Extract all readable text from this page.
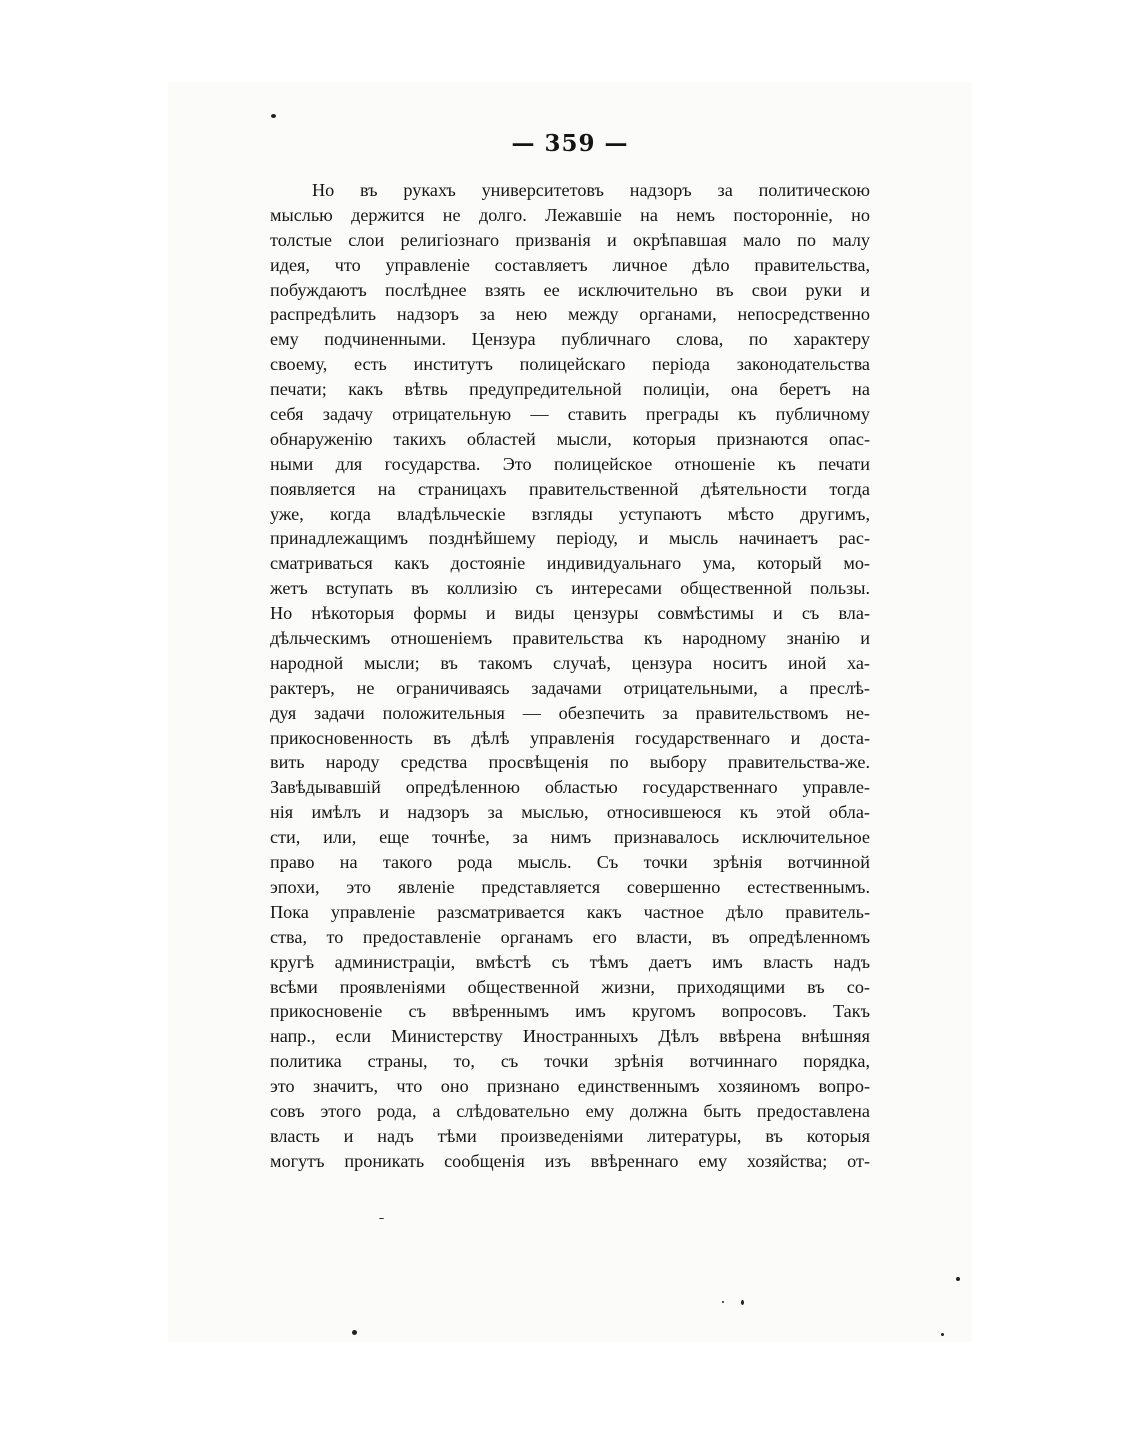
— 359 —
Но въ рукахъ университетовъ надзоръ за политическою
мыслью держится не долго. Лежавшіе на немъ посторонніе, но
толстые слои религіознаго призванія и окрѣпавшая мало по малу
идея, что управленіе составляетъ личное дѣло правительства,
побуждаютъ послѣднее взять ее исключительно въ свои руки и
распредѣлить надзоръ за нею между органами, непосредственно
ему подчиненными. Цензура публичнаго слова, по характеру
своему, есть институтъ полицейскаго періода законодательства
печати; какъ вѣтвь предупредительной полиціи, она беретъ на
себя задачу отрицательную — ставить преграды къ публичному
обнаруженію такихъ областей мысли, которыя признаются опас-
ными для государства. Это полицейское отношеніе къ печати
появляется на страницахъ правительственной дѣятельности тогда
уже, когда владѣльческіе взгляды уступаютъ мѣсто другимъ,
принадлежащимъ позднѣйшему періоду, и мысль начинаетъ рас-
сматриваться какъ достояніе индивидуальнаго ума, который мо-
жетъ вступать въ коллизію съ интересами общественной пользы.
Но нѣкоторыя формы и виды цензуры совмѣстимы и съ вла-
дѣльческимъ отношеніемъ правительства къ народному знанію и
народной мысли; въ такомъ случаѣ, цензура носитъ иной ха-
рактеръ, не ограничиваясь задачами отрицательными, а преслѣ-
дуя задачи положительныя — обезпечить за правительствомъ не-
прикосновенность въ дѣлѣ управленія государственнаго и доста-
вить народу средства просвѣщенія по выбору правительства-же.
Завѣдывавшій опредѣленною областью государственнаго управле-
нія имѣлъ и надзоръ за мыслью, относившеюся къ этой обла-
сти, или, еще точнѣе, за нимъ признавалось исключительное
право на такого рода мысль. Съ точки зрѣнія вотчинной
эпохи, это явленіе представляется совершенно естественнымъ.
Пока управленіе разсматривается какъ частное дѣло правитель-
ства, то предоставленіе органамъ его власти, въ опредѣленномъ
кругѣ администраціи, вмѣстѣ съ тѣмъ даетъ имъ власть надъ
всѣми проявленіями общественной жизни, приходящими въ со-
прикосновеніе съ ввѣреннымъ имъ кругомъ вопросовъ. Такъ
напр., если Министерству Иностранныхъ Дѣлъ ввѣрена внѣшняя
политика страны, то, съ точки зрѣнія вотчиннаго порядка,
это значитъ, что оно признано единственнымъ хозяиномъ вопро-
совъ этого рода, а слѣдовательно ему должна быть предоставлена
власть и надъ тѣми произведеніями литературы, въ которыя
могутъ проникать сообщенія изъ ввѣреннаго ему хозяйства; от-
